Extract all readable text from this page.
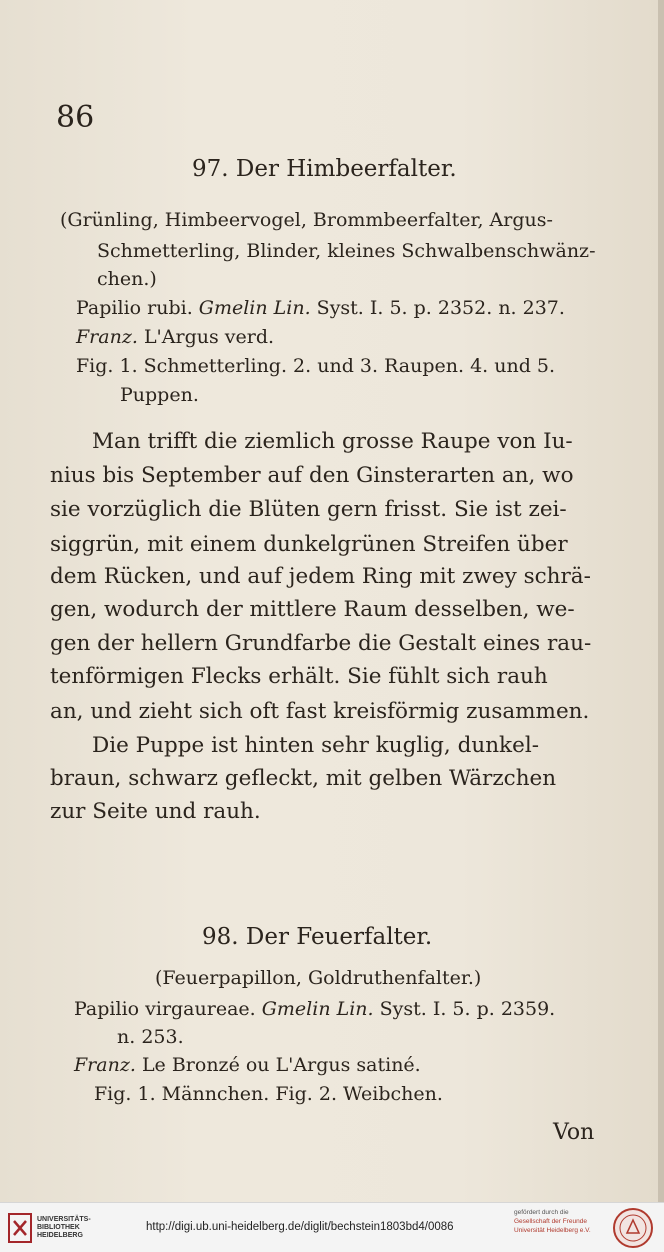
86
97. Der Himbeerfalter.
(Grünling, Himbeervogel, Brommbeerfalter, Argus-
Schmetterling, Blinder, kleines Schwalbenschwänz-
chen.)
Papilio rubi. Gmelin Lin. Syst. I. 5. p. 2352. n. 237.
Franz. L'Argus verd.
Fig. 1. Schmetterling. 2. und 3. Raupen. 4. und 5.
Puppen.
Man trifft die ziemlich grosse Raupe von Iu-
nius bis September auf den Ginsterarten an, wo
sie vorzüglich die Blüten gern frisst. Sie ist zei-
siggrün, mit einem dunkelgrünen Streifen über
dem Rücken, und auf jedem Ring mit zwey schrä-
gen, wodurch der mittlere Raum desselben, we-
gen der hellern Grundfarbe die Gestalt eines rau-
tenförmigen Flecks erhält. Sie fühlt sich rauh
an, und zieht sich oft fast kreisförmig zusammen.
Die Puppe ist hinten sehr kuglig, dunkel-
braun, schwarz gefleckt, mit gelben Wärzchen
zur Seite und rauh.
98. Der Feuerfalter.
(Feuerpapillon, Goldruthenfalter.)
Papilio virgaureae. Gmelin Lin. Syst. I. 5. p. 2359.
n. 253.
Franz. Le Bronzé ou L'Argus satiné.
Fig. 1. Männchen. Fig. 2. Weibchen.
Von
UNIVERSITÄTS-
BIBLIOTHEK
HEIDELBERG
http://digi.ub.uni-heidelberg.de/diglit/bechstein1803bd4/0086
gefördert durch die
Gesellschaft der Freunde
Universität Heidelberg e.V.
